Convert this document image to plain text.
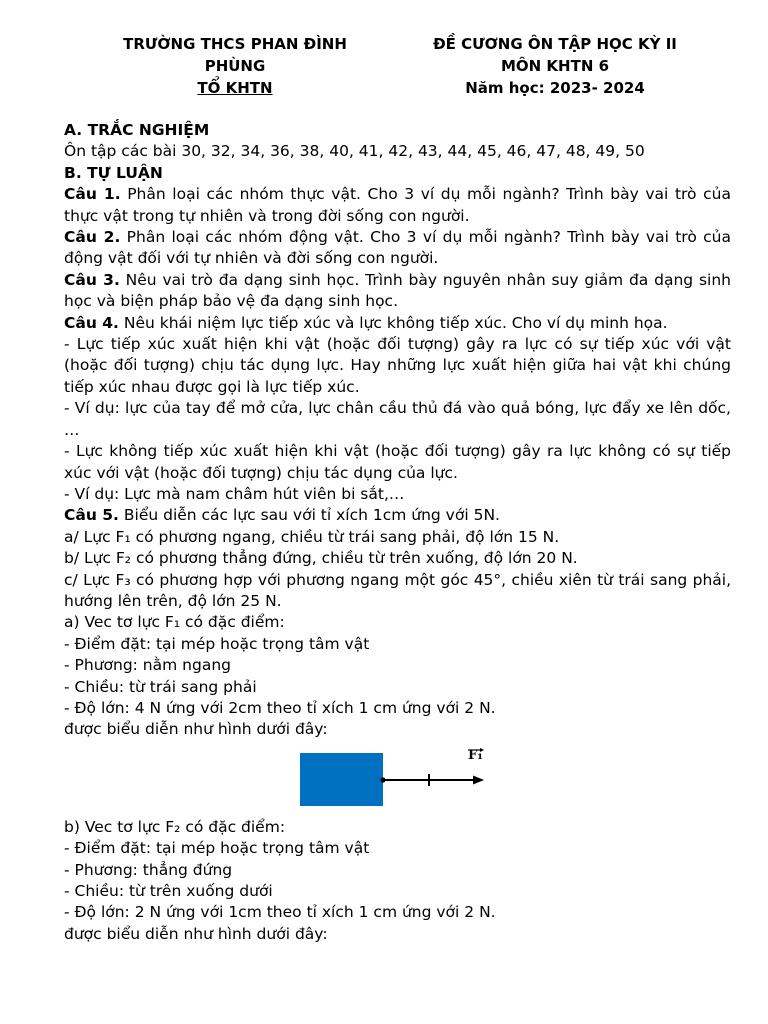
TRƯỜNG THCS PHAN ĐÌNH
PHÙNG
TỔ KHTN
ĐỀ CƯƠNG ÔN TẬP HỌC KỲ II
MÔN KHTN 6
Năm học: 2023- 2024

A. TRẮC NGHIỆM

Ôn tập các bài 30, 32, 34, 36, 38, 40, 41, 42, 43, 44, 45, 46, 47, 48, 49, 50

B. TỰ LUẬN

Câu 1. Phân loại các nhóm thực vật. Cho 3 ví dụ mỗi ngành? Trình bày vai trò của thực vật trong tự nhiên và trong đời sống con người.

Câu 2. Phân loại các nhóm động vật. Cho 3 ví dụ mỗi ngành? Trình bày vai trò của động vật đối với tự nhiên và đời sống con người.

Câu 3. Nêu vai trò đa dạng sinh học. Trình bày nguyên nhân suy giảm đa dạng sinh học và biện pháp bảo vệ đa dạng sinh học.

Câu 4. Nêu khái niệm lực tiếp xúc và lực không tiếp xúc. Cho ví dụ minh họa.

- Lực tiếp xúc xuất hiện khi vật (hoặc đối tượng) gây ra lực có sự tiếp xúc với vật (hoặc đối tượng) chịu tác dụng lực. Hay những lực xuất hiện giữa hai vật khi chúng tiếp xúc nhau được gọi là lực tiếp xúc.

- Ví dụ: lực của tay để mở cửa, lực chân cầu thủ đá vào quả bóng, lực đẩy xe lên dốc, …

- Lực không tiếp xúc xuất hiện khi vật (hoặc đối tượng) gây ra lực không có sự tiếp xúc với vật (hoặc đối tượng) chịu tác dụng của lực.

- Ví dụ: Lực mà nam châm hút viên bi sắt,…

Câu 5. Biểu diễn các lực sau với tỉ xích 1cm ứng với 5N.

a/ Lực F₁ có phương ngang, chiều từ trái sang phải, độ lớn 15 N.

b/ Lực F₂ có phương thẳng đứng, chiều từ trên xuống, độ lớn 20 N.

c/ Lực F₃ có phương hợp với phương ngang một góc 45°, chiều xiên từ trái sang phải, hướng lên trên, độ lớn 25 N.

a) Vec tơ lực F₁ có đặc điểm:

- Điểm đặt: tại mép hoặc trọng tâm vật

- Phương: nằm ngang

- Chiều: từ trái sang phải

- Độ lớn: 4 N ứng với 2cm theo tỉ xích 1 cm ứng với 2 N.

được biểu diễn như hình dưới đây:

F₁

b) Vec tơ lực F₂ có đặc điểm:

- Điểm đặt: tại mép hoặc trọng tâm vật

- Phương: thẳng đứng

- Chiều: từ trên xuống dưới

- Độ lớn: 2 N ứng với 1cm theo tỉ xích 1 cm ứng với 2 N.

được biểu diễn như hình dưới đây:
